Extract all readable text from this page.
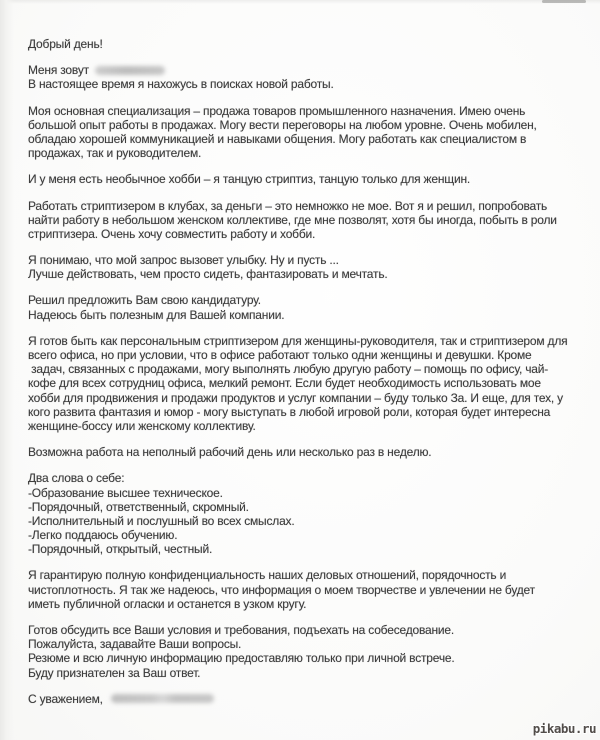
Добрый день!
Меня зовут
В настоящее время я нахожусь в поисках новой работы.
Моя основная специализация – продажа товаров промышленного назначения. Имею очень
большой опыт работы в продажах. Могу вести переговоры на любом уровне. Очень мобилен,
обладаю хорошей коммуникацией и навыками общения. Могу работать как специалистом в
продажах, так и руководителем.
И у меня есть необычное хобби – я танцую стриптиз, танцую только для женщин.
Работать стриптизером в клубах, за деньги – это немножко не мое. Вот я и решил, попробовать
найти работу в небольшом женском коллективе, где мне позволят, хотя бы иногда, побыть в роли
стриптизера. Очень хочу совместить работу и хобби.
Я понимаю, что мой запрос вызовет улыбку. Ну и пусть ...
Лучше действовать, чем просто сидеть, фантазировать и мечтать.
Решил предложить Вам свою кандидатуру.
Надеюсь быть полезным для Вашей компании.
Я готов быть как персональным стриптизером для женщины-руководителя, так и стриптизером для
всего офиса, но при условии, что в офисе работают только одни женщины и девушки. Кроме
задач, связанных с продажами, могу выполнять любую другую работу – помощь по офису, чай-
кофе для всех сотрудниц офиса, мелкий ремонт. Если будет необходимость использовать мое
хобби для продвижения и продажи продуктов и услуг компании – буду только За. И еще, для тех, у
кого развита фантазия и юмор - могу выступать в любой игровой роли, которая будет интересна
женщине-боссу или женскому коллективу.
Возможна работа на неполный рабочий день или несколько раз в неделю.
Два слова о себе:
-Образование высшее техническое.
-Порядочный, ответственный, скромный.
-Исполнительный и послушный во всех смыслах.
-Легко поддаюсь обучению.
-Порядочный, открытый, честный.
Я гарантирую полную конфиденциальность наших деловых отношений, порядочность и
чистоплотность. Я так же надеюсь, что информация о моем творчестве и увлечении не будет
иметь публичной огласки и останется в узком кругу.
Готов обсудить все Ваши условия и требования, подъехать на собеседование.
Пожалуйста, задавайте Ваши вопросы.
Резюме и всю личную информацию предоставляю только при личной встрече.
Буду признателен за Ваш ответ.
С уважением,
pikabu.ru
